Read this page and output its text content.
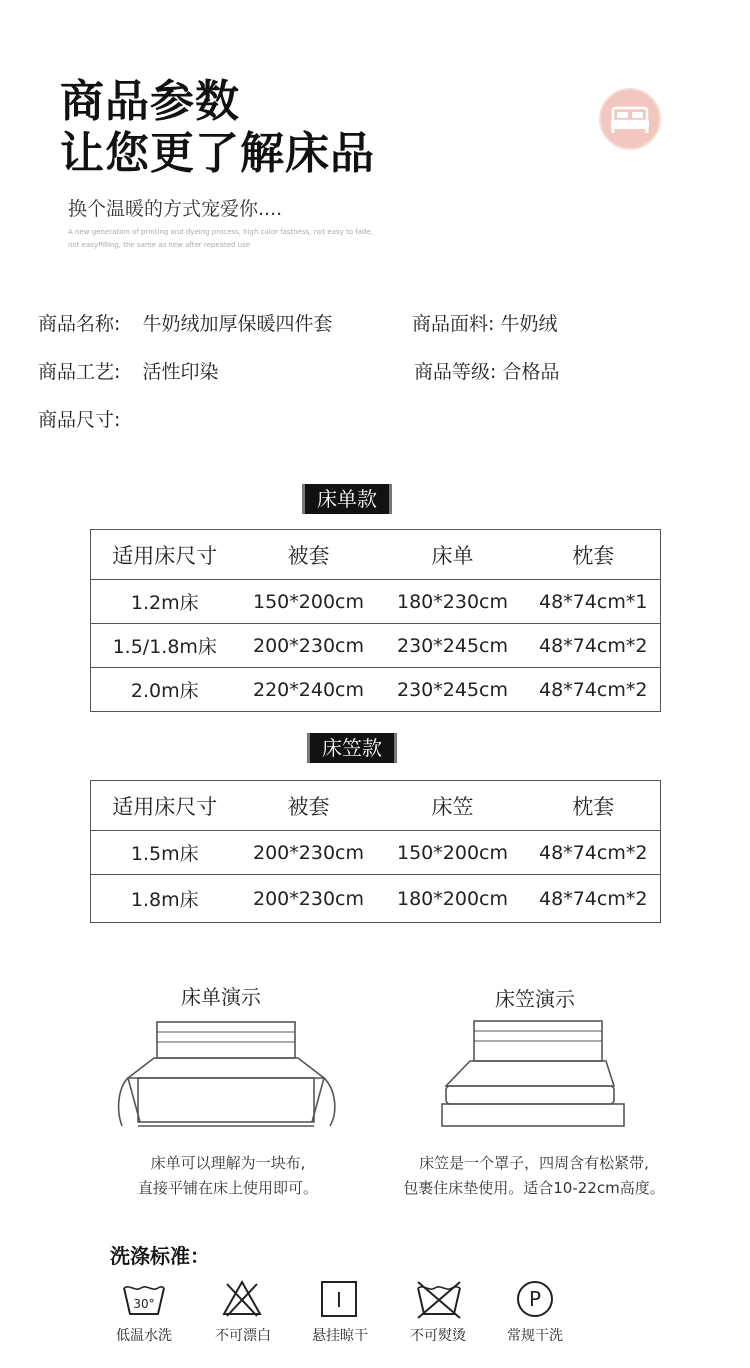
商品参数
让您更了解床品
换个温暖的方式宠爱你....
A new generation of printing and dyeing process, high color fastness, not easy to fade,
not easyPilling, the same as new after repeated use
商品名称: 牛奶绒加厚保暖四件套	商品面料: 牛奶绒
商品工艺: 活性印染	商品等级: 合格品
商品尺寸:
床单款
适用床尺寸	被套	床单	枕套
1.2m床	150*200cm	180*230cm	48*74cm*1
1.5/1.8m床	200*230cm	230*245cm	48*74cm*2
2.0m床	220*240cm	230*245cm	48*74cm*2
床笠款
适用床尺寸	被套	床笠	枕套
1.5m床	200*230cm	150*200cm	48*74cm*2
1.8m床	200*230cm	180*200cm	48*74cm*2
床单演示	床笠演示
床单可以理解为一块布,
直接平铺在床上使用即可。
床笠是一个罩子，四周含有松紧带,
包裹住床垫使用。适合10-22cm高度。
洗涤标准：
30°	I	P
低温水洗	不可漂白	悬挂晾干	不可熨烫	常规干洗
